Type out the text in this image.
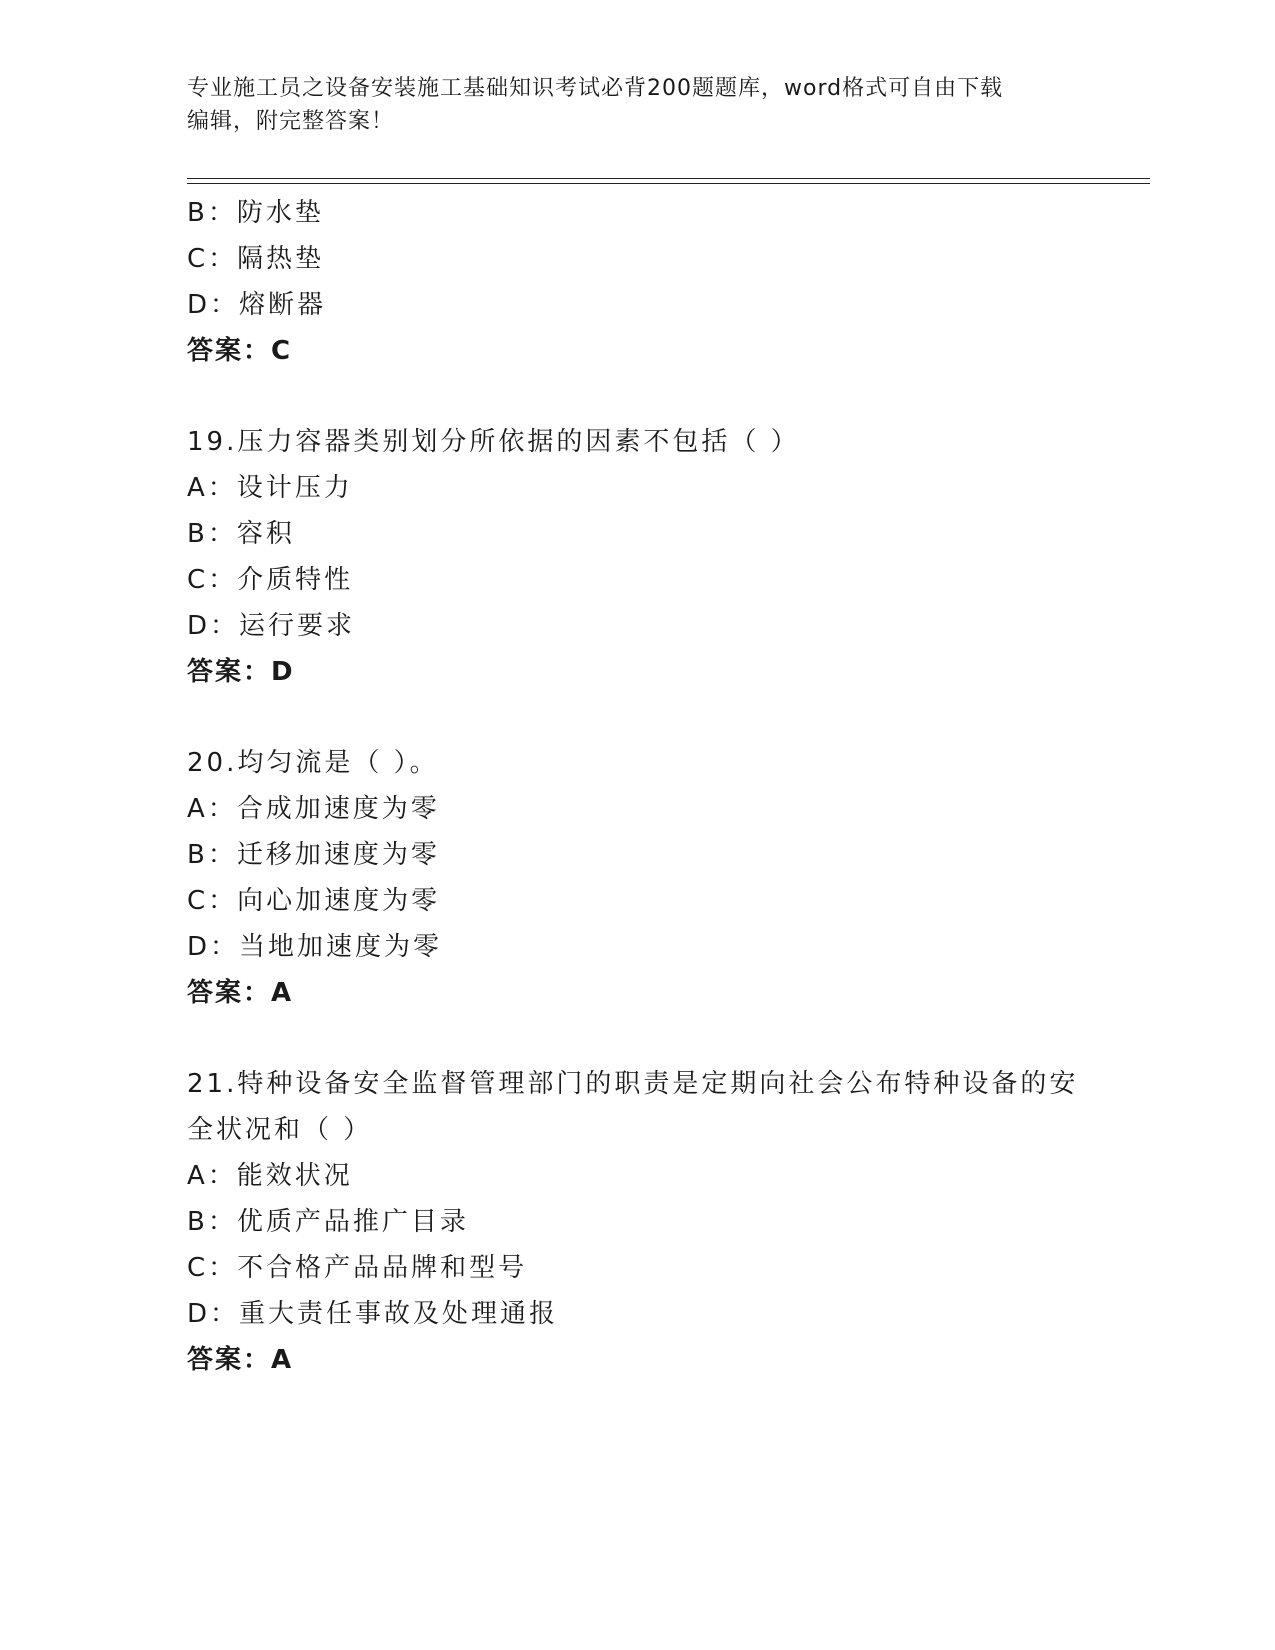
专业施工员之设备安装施工基础知识考试必背200题题库，word格式可自由下载
编辑，附完整答案！
B：防水垫
C：隔热垫
D：熔断器
答案：C
19.压力容器类别划分所依据的因素不包括（ ）
A：设计压力
B：容积
C：介质特性
D：运行要求
答案：D
20.均匀流是（ ）。
A：合成加速度为零
B：迁移加速度为零
C：向心加速度为零
D：当地加速度为零
答案：A
21.特种设备安全监督管理部门的职责是定期向社会公布特种设备的安
全状况和（ ）
A：能效状况
B：优质产品推广目录
C：不合格产品品牌和型号
D：重大责任事故及处理通报
答案：A
